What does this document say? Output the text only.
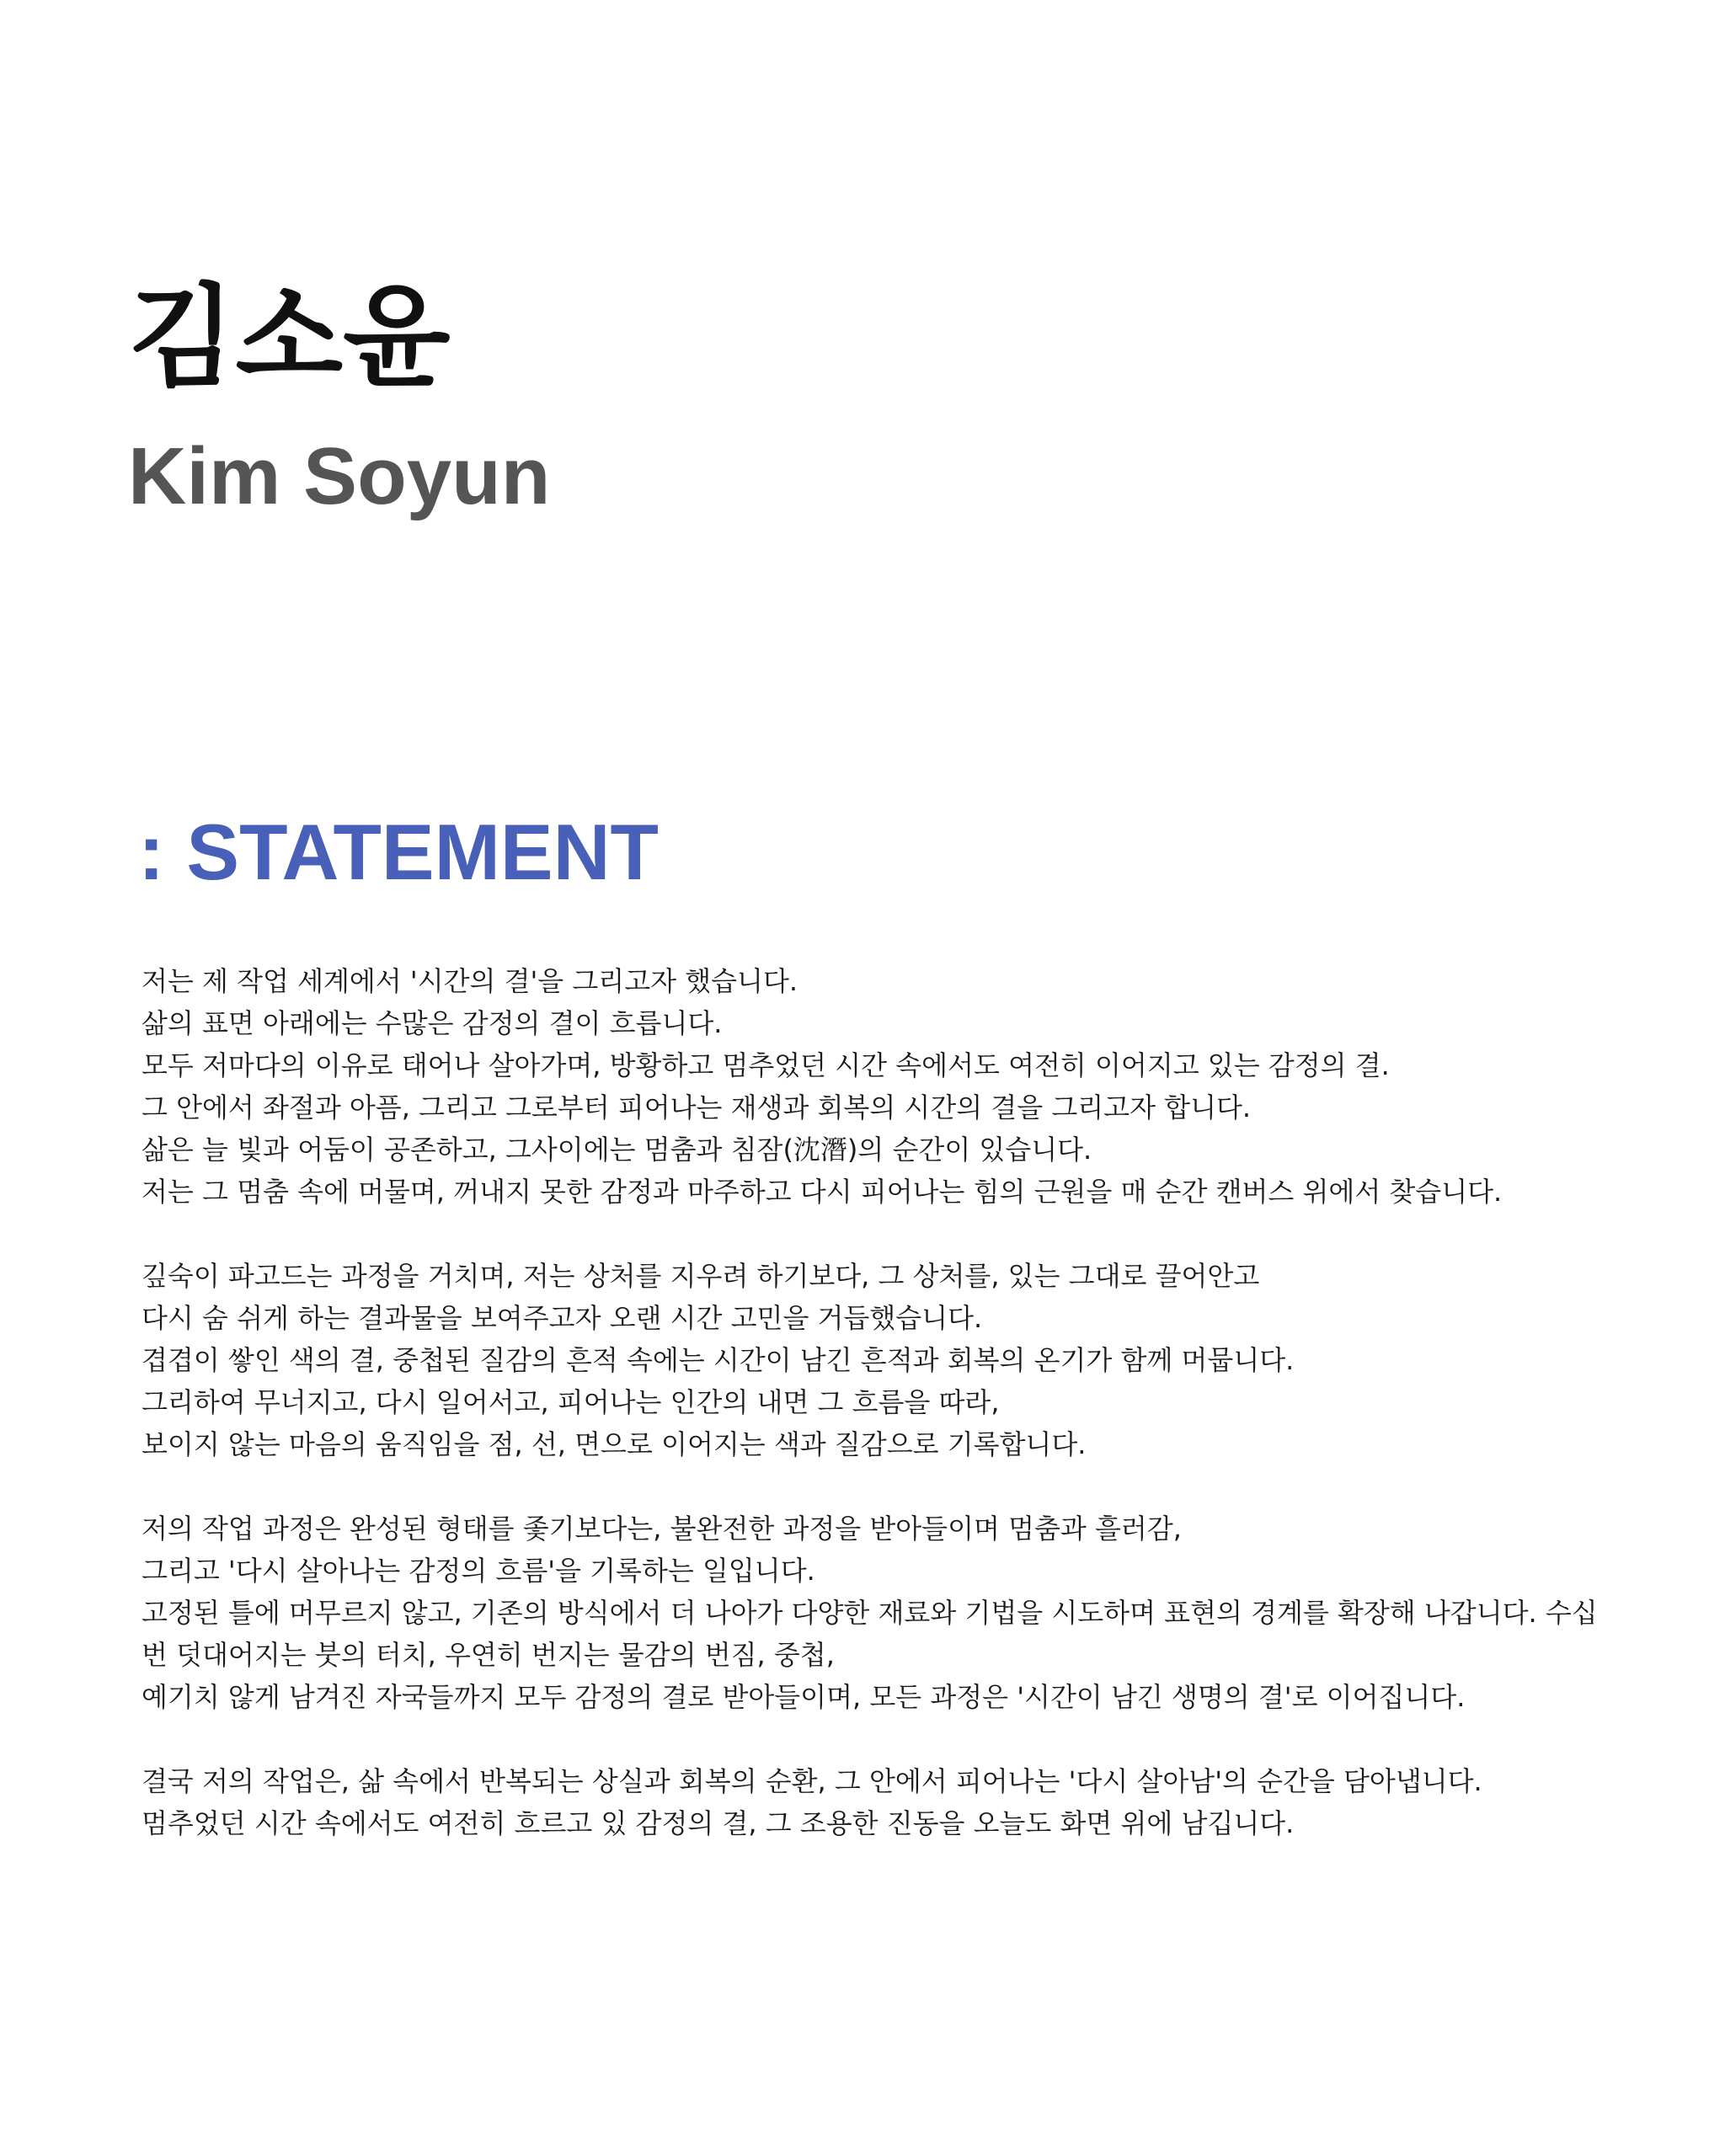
김소윤
Kim Soyun
: STATEMENT

저는 제 작업 세계에서 '시간의 결'을 그리고자 했습니다.
삶의 표면 아래에는 수많은 감정의 결이 흐릅니다.
모두 저마다의 이유로 태어나 살아가며, 방황하고 멈추었던 시간 속에서도 여전히 이어지고 있는 감정의 결.
그 안에서 좌절과 아픔, 그리고 그로부터 피어나는 재생과 회복의 시간의 결을 그리고자 합니다.
삶은 늘 빛과 어둠이 공존하고, 그사이에는 멈춤과 침잠(沈潛)의 순간이 있습니다.
저는 그 멈춤 속에 머물며, 꺼내지 못한 감정과 마주하고 다시 피어나는 힘의 근원을 매 순간 캔버스 위에서 찾습니다.

깊숙이 파고드는 과정을 거치며, 저는 상처를 지우려 하기보다, 그 상처를, 있는 그대로 끌어안고
다시 숨 쉬게 하는 결과물을 보여주고자 오랜 시간 고민을 거듭했습니다.
겹겹이 쌓인 색의 결, 중첩된 질감의 흔적 속에는 시간이 남긴 흔적과 회복의 온기가 함께 머뭅니다.
그리하여 무너지고, 다시 일어서고, 피어나는 인간의 내면 그 흐름을 따라,
보이지 않는 마음의 움직임을 점, 선, 면으로 이어지는 색과 질감으로 기록합니다.

저의 작업 과정은 완성된 형태를 좇기보다는, 불완전한 과정을 받아들이며 멈춤과 흘러감,
그리고 '다시 살아나는 감정의 흐름'을 기록하는 일입니다.
고정된 틀에 머무르지 않고, 기존의 방식에서 더 나아가 다양한 재료와 기법을 시도하며 표현의 경계를 확장해 나갑니다. 수십
번 덧대어지는 붓의 터치, 우연히 번지는 물감의 번짐, 중첩,
예기치 않게 남겨진 자국들까지 모두 감정의 결로 받아들이며, 모든 과정은 '시간이 남긴 생명의 결'로 이어집니다.

결국 저의 작업은, 삶 속에서 반복되는 상실과 회복의 순환, 그 안에서 피어나는 '다시 살아남'의 순간을 담아냅니다.
멈추었던 시간 속에서도 여전히 흐르고 있 감정의 결, 그 조용한 진동을 오늘도 화면 위에 남깁니다.
